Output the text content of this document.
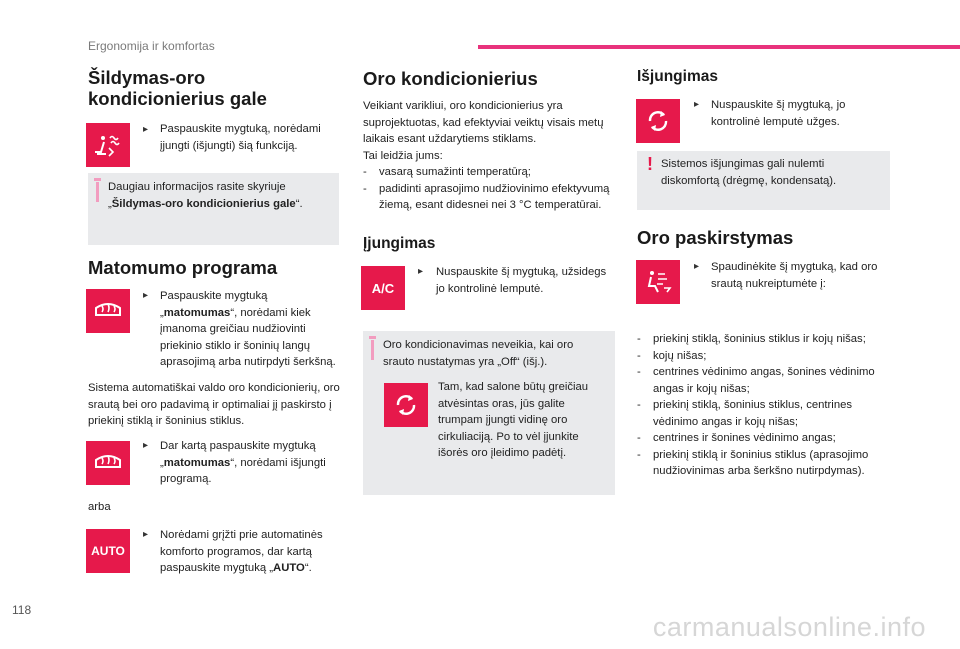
Ergonomija ir komfortas
Šildymas-oro
kondicionierius gale
▸ Paspauskite mygtuką, norėdami įjungti (išjungti) šią funkciją.
Daugiau informacijos rasite skyriuje „Šildymas-oro kondicionierius gale“.
Matomumo programa
▸ Paspauskite mygtuką „matomumas“, norėdami kiek įmanoma greičiau nudžiovinti priekinio stiklo ir šoninių langų aprasojimą arba nutirpdyti šerkšną.
Sistema automatiškai valdo oro kondicionierių, oro srautą bei oro padavimą ir optimaliai jį paskirsto į priekinį stiklą ir šoninius stiklus.
▸ Dar kartą paspauskite mygtuką „matomumas“, norėdami išjungti programą.
arba
AUTO
▸ Norėdami grįžti prie automatinės komforto programos, dar kartą paspauskite mygtuką „AUTO“.
Oro kondicionierius
Veikiant varikliui, oro kondicionierius yra suprojektuotas, kad efektyviai veiktų visais metų laikais esant uždarytiems stiklams.
Tai leidžia jums:
- vasarą sumažinti temperatūrą;
- padidinti aprasojimo nudžiovinimo efektyvumą žiemą, esant didesnei nei 3 °C temperatūrai.
Įjungimas
A/C
▸ Nuspauskite šį mygtuką, užsidegs jo kontrolinė lemputė.
Oro kondicionavimas neveikia, kai oro srauto nustatymas yra „Off“ (išj.).
Tam, kad salone būtų greičiau atvėsintas oras, jūs galite trumpam įjungti vidinę oro cirkuliaciją. Po to vėl įjunkite išorės oro įleidimo padėtį.
Išjungimas
▸ Nuspauskite šį mygtuką, jo kontrolinė lemputė užges.
! Sistemos išjungimas gali nulemti diskomfortą (drėgmę, kondensatą).
Oro paskirstymas
▸ Spaudinėkite šį mygtuką, kad oro srautą nukreiptumėte į:
- priekinį stiklą, šoninius stiklus ir kojų nišas;
- kojų nišas;
- centrines vėdinimo angas, šonines vėdinimo angas ir kojų nišas;
- priekinį stiklą, šoninius stiklus, centrines vėdinimo angas ir kojų nišas;
- centrines ir šonines vėdinimo angas;
- priekinį stiklą ir šoninius stiklus (aprasojimo nudžiovinimas arba šerkšno nutirpdymas).
118
carmanualsonline.info
